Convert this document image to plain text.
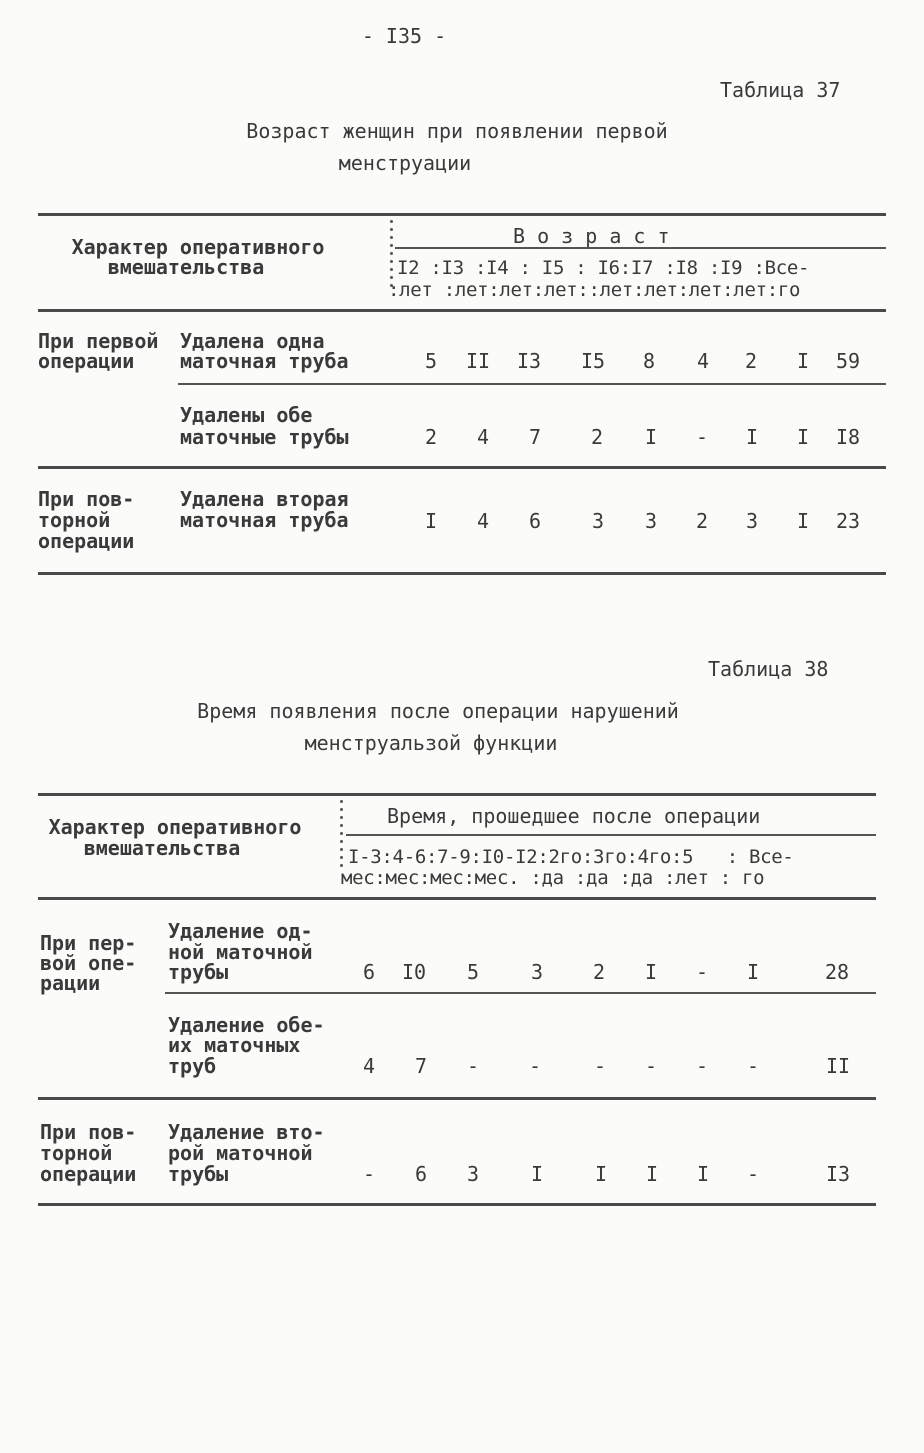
- I35 -
Таблица 37
Возраст женщин при появлении первой
менструации
Характер оперативного
вмешательства
В о з р а с т
I2 :I3 :I4 : I5 : I6:I7 :I8 :I9 :Все-
:лет :лет:лет:лет::лет:лет:лет:лет:го
При первой
операции
Удалена одна
маточная труба	5 II I3 I5 8 4 2 I 59
Удалены обе
маточные трубы	2 4 7 2 I - I I I8
При пов-
торной
операции
Удалена вторая
маточная труба	I 4 6	3 3 2 3 I 23
Таблица 38
Время появления после операции нарушений
менструальзой функции
Характер оперативного
вмешательства
Время, прошедшее после операции
I-3:4-6:7-9:I0-I2:2го:3го:4го:5   : Все-
мес:мес:мес:мес. :да :да :да :лет : го
При пер-
вой опе-
рации
Удаление од-
ной маточной
трубы	6 I0 5	3 2 I - I	28
Удаление обе-
их маточных
труб	4 7 - -	- - - -	II
При пов-
торной
операции
Удаление вто-
рой маточной
трубы	- 6 3	I	I I I -	I3
